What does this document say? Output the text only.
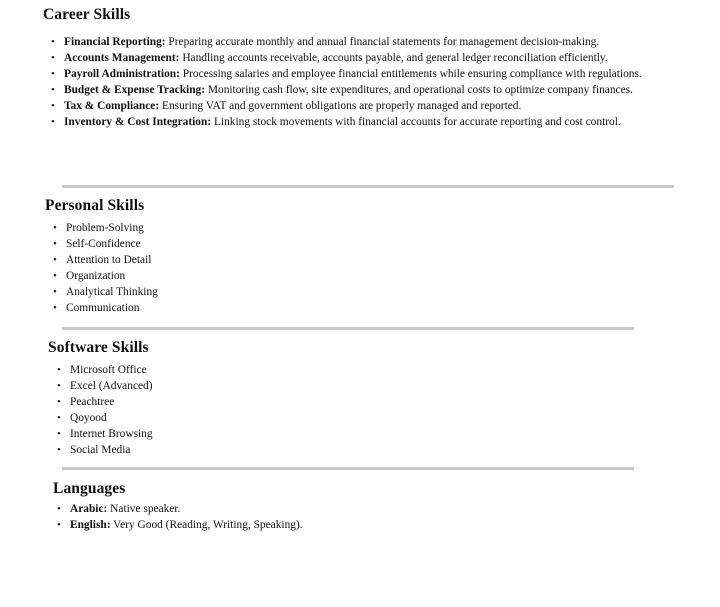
Career Skills
• Financial Reporting: Preparing accurate monthly and annual financial statements for management decision-making.
• Accounts Management: Handling accounts receivable, accounts payable, and general ledger reconciliation efficiently.
• Payroll Administration: Processing salaries and employee financial entitlements while ensuring compliance with regulations.
• Budget & Expense Tracking: Monitoring cash flow, site expenditures, and operational costs to optimize company finances.
• Tax & Compliance: Ensuring VAT and government obligations are properly managed and reported.
• Inventory & Cost Integration: Linking stock movements with financial accounts for accurate reporting and cost control.
Personal Skills
• Problem-Solving
• Self-Confidence
• Attention to Detail
• Organization
• Analytical Thinking
• Communication
Software Skills
• Microsoft Office
• Excel (Advanced)
• Peachtree
• Qoyood
• Internet Browsing
• Social Media
Languages
• Arabic: Native speaker.
• English: Very Good (Reading, Writing, Speaking).
